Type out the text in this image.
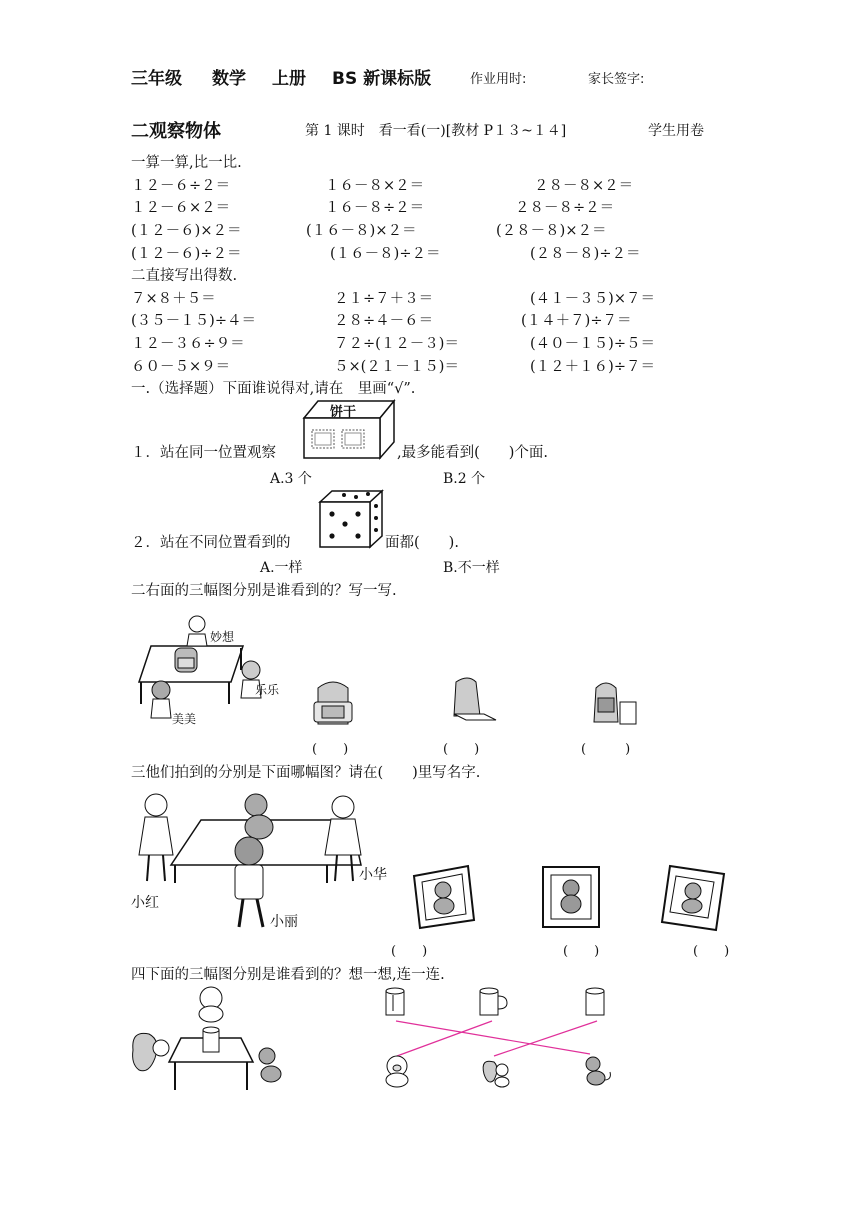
三年级 数学 上册 BS 新课标版	作业用时:	家长签字:
二观察物体	第 1 课时　看一看(一)[教材 P１３~１４]	学生用卷
一算一算,比一比.
１２－６÷２＝	１６－８×２＝	２８－８×２＝
１２－６×２＝	１６－８÷２＝	２８－８÷２＝
(１２－６)×２＝	(１６－８)×２＝	(２８－８)×２＝
(１２－６)÷２＝	(１６－８)÷２＝	(２８－８)÷２＝
二直接写出得数.
７×８＋５＝	２１÷７＋３＝	(４１－３５)×７＝
(３５－１５)÷４＝	２８÷４－６＝	(１４＋７)÷７＝
１２－３６÷９＝	７２÷(１２－３)＝	(４０－１５)÷５＝
６０－５×９＝	５×(２１－１５)＝	(１２＋１６)÷７＝
一.（选择题）下面谁说得对,请在　里画“√”.
饼干
１．站在同一位置观察	,最多能看到(　　)个面.
A.3 个	B.2 个
２．站在不同位置看到的	面都(　　).
A.一样	B.不一样
二右面的三幅图分别是谁看到的？写一写.
妙想
乐乐
美美
(　　)	(　　)	(　　　)
三他们拍到的分别是下面哪幅图？请在(　　)里写名字.
小红
小华
小丽
(　　)	(　　)	(　　)
四下面的三幅图分别是谁看到的？想一想,连一连.
